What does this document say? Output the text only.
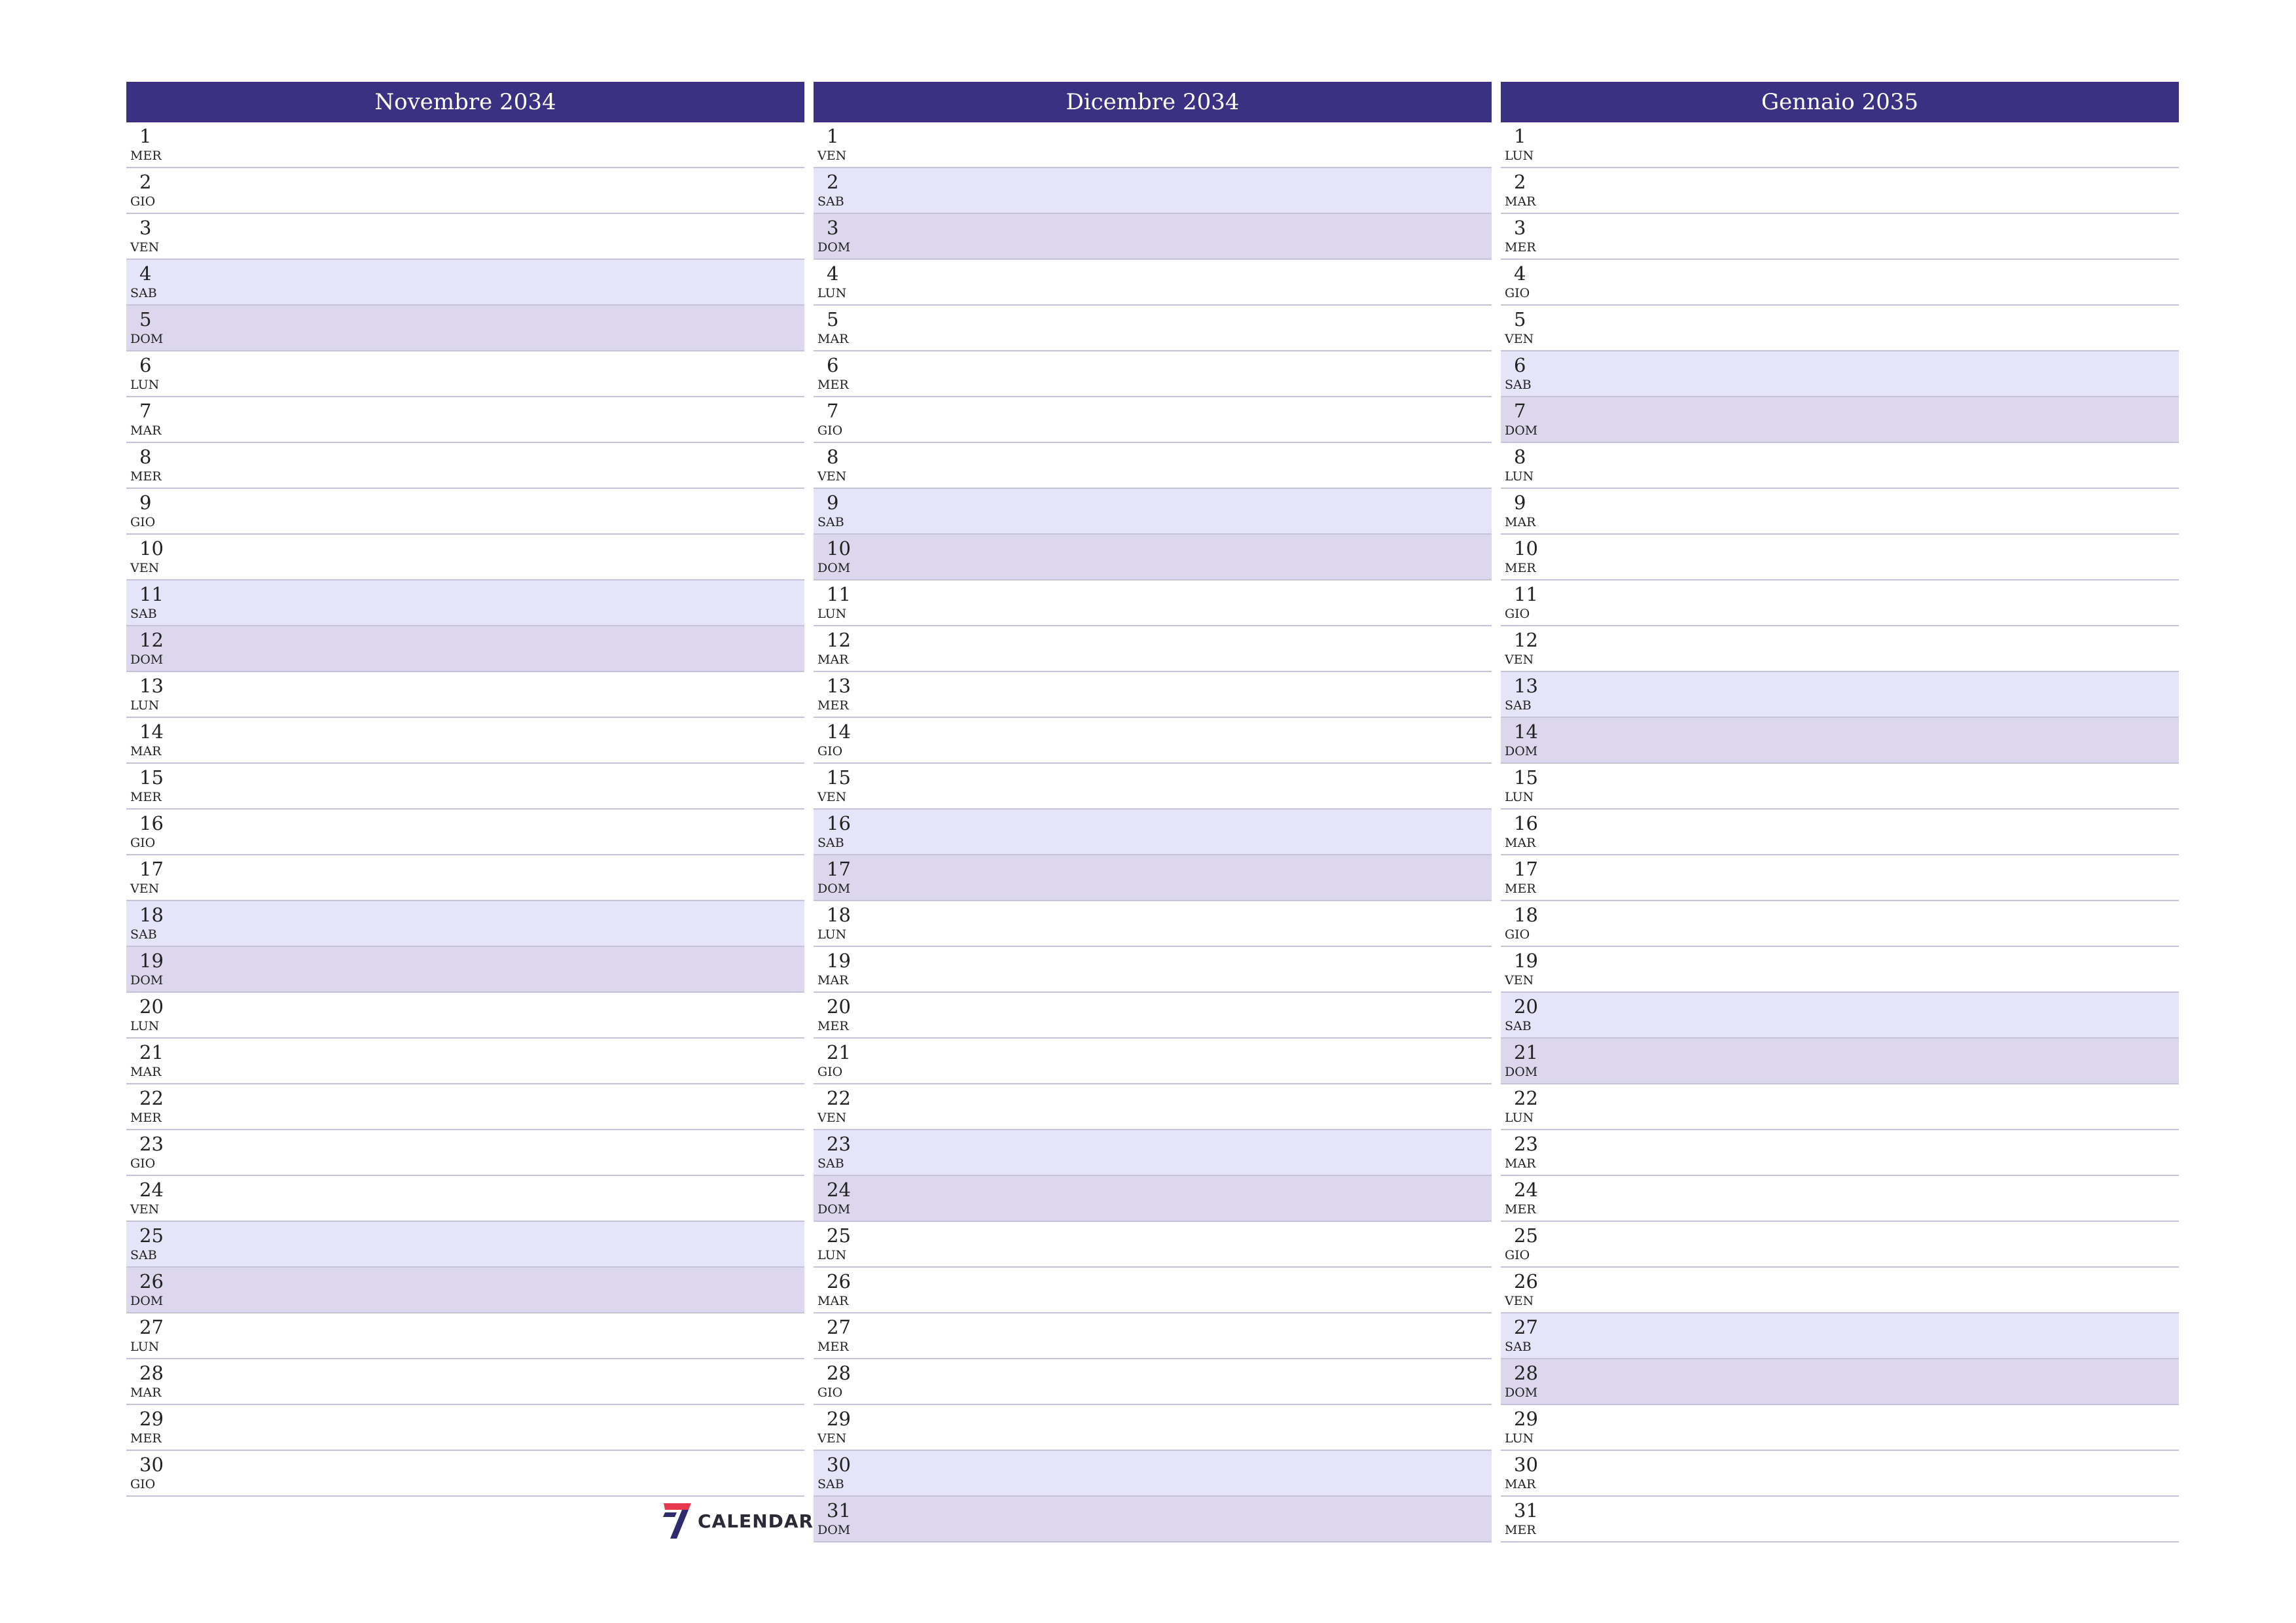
Novembre 2034
1
MER
2
GIO
3
VEN
4
SAB
5
DOM
6
LUN
7
MAR
8
MER
9
GIO
10
VEN
11
SAB
12
DOM
13
LUN
14
MAR
15
MER
16
GIO
17
VEN
18
SAB
19
DOM
20
LUN
21
MAR
22
MER
23
GIO
24
VEN
25
SAB
26
DOM
27
LUN
28
MAR
29
MER
30
GIO
Dicembre 2034
1
VEN
2
SAB
3
DOM
4
LUN
5
MAR
6
MER
7
GIO
8
VEN
9
SAB
10
DOM
11
LUN
12
MAR
13
MER
14
GIO
15
VEN
16
SAB
17
DOM
18
LUN
19
MAR
20
MER
21
GIO
22
VEN
23
SAB
24
DOM
25
LUN
26
MAR
27
MER
28
GIO
29
VEN
30
SAB
31
DOM
Gennaio 2035
1
LUN
2
MAR
3
MER
4
GIO
5
VEN
6
SAB
7
DOM
8
LUN
9
MAR
10
MER
11
GIO
12
VEN
13
SAB
14
DOM
15
LUN
16
MAR
17
MER
18
GIO
19
VEN
20
SAB
21
DOM
22
LUN
23
MAR
24
MER
25
GIO
26
VEN
27
SAB
28
DOM
29
LUN
30
MAR
31
MER
CALENDAR
